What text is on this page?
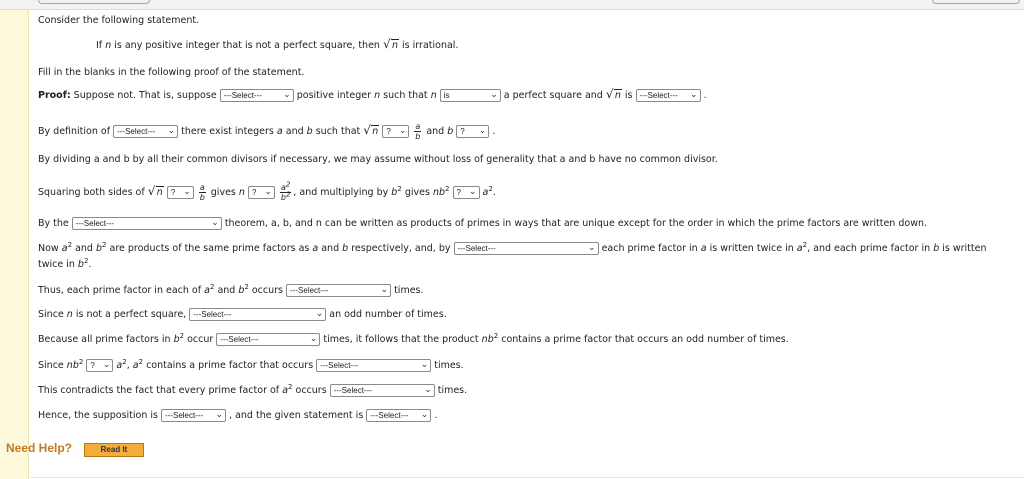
Consider the following statement.
If n is any positive integer that is not a perfect square, then √ n is irrational.
Fill in the blanks in the following proof of the statement.
Proof: Suppose not. That is, suppose ---Select--- ⌄ positive integer n such that n is	⌄ a perfect square and √ n is ---Select--- ⌄ .
By definition of ---Select--- ⌄ there exist integers a and b such that √ n ? ⌄
$\frac{a}{b}$ and b ? ⌄ .
By dividing a and b by all their common divisors if necessary, we may assume without loss of generality that a and b have no common divisor.
Squaring both sides of √ n ? ⌄
$\frac{a}{b}$ gives n ? ⌄
$\frac{a^2}{b^2}$ , and multiplying by $b^2$ gives $nb^2$ ? ⌄ $a^2$.
By the ---Select---	⌄ theorem, a, b, and n can be written as products of primes in ways that are unique except for the order in which the prime factors are written down.
Now $a^2$ and $b^2$ are products of the same prime factors as a and b respectively, and, by ---Select---	⌄ each prime factor in a is written twice in $a^2$, and each prime factor in b is written
twice in $b^2$.
Thus, each prime factor in each of $a^2$ and $b^2$ occurs ---Select---	⌄ times.
Since n is not a perfect square, ---Select---	⌄ an odd number of times.
Because all prime factors in $b^2$ occur ---Select---	⌄ times, it follows that the product $nb^2$ contains a prime factor that occurs an odd number of times.
Since $nb^2$ ? ⌄ $a^2$, $a^2$ contains a prime factor that occurs ---Select---	⌄ times.
This contradicts the fact that every prime factor of $a^2$ occurs ---Select---	⌄ times.
Hence, the supposition is ---Select--- ⌄ , and the given statement is ---Select--- ⌄ .
Need Help?	Read It
